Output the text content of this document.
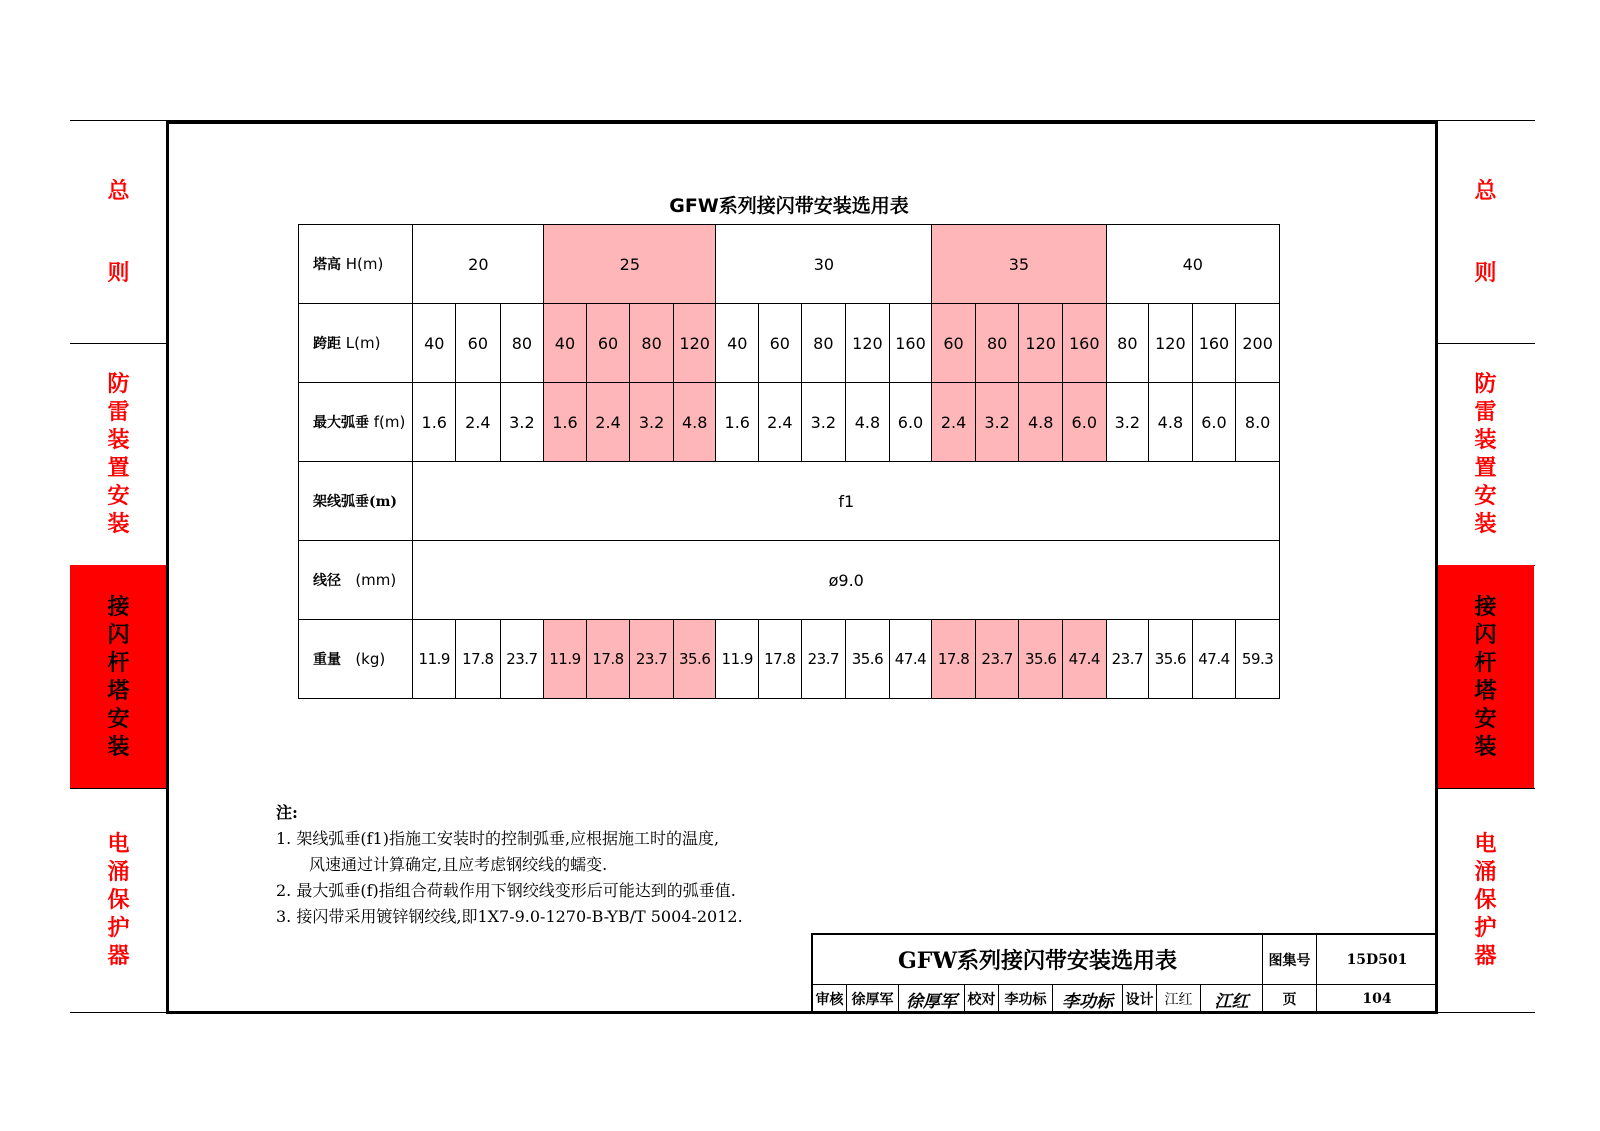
总
则
防
雷
装
置
安
装
接
闪
杆
塔
安
装
电
涌
保
护
器
总
则
防
雷
装
置
安
装
接
闪
杆
塔
安
装
电
涌
保
护
器
GFW系列接闪带安装选用表
塔高 H(m)	20			25				30					35				40			
跨距 L(m)	40	60	80	40	60	80	120	40	60	80	120	160	60	80	120	160	80	120	160	200
最大弧垂 f(m)	1.6	2.4	3.2	1.6	2.4	3.2	4.8	1.6	2.4	3.2	4.8	6.0	2.4	3.2	4.8	6.0	3.2	4.8	6.0	8.0
架线弧垂(m)	f1																			
线径 (mm)	ø9.0																			
重量 (kg)	11.9	17.8	23.7	11.9	17.8	23.7	35.6	11.9	17.8	23.7	35.6	47.4	17.8	23.7	35.6	47.4	23.7	35.6	47.4	59.3
注:
1. 架线弧垂(f1)指施工安装时的控制弧垂,应根据施工时的温度,
风速通过计算确定,且应考虑钢绞线的蠕变.
2. 最大弧垂(f)指组合荷载作用下钢绞线变形后可能达到的弧垂值.
3. 接闪带采用镀锌钢绞线,即1X7-9.0-1270-B-YB/T 5004-2012.
GFW系列接闪带安装选用表	图集号	15D501
审核 徐厚军 徐厚军 校对 李功标 李功标 设计 江红	江红	页	104
